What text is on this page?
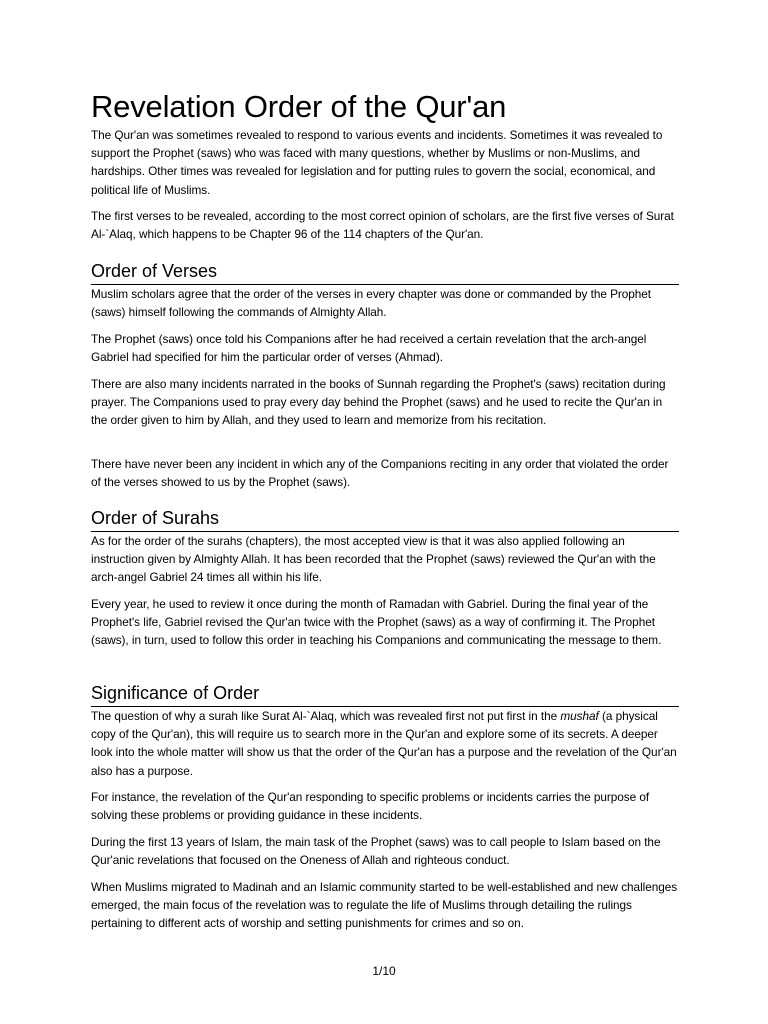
Revelation Order of the Qur'an

The Qur'an was sometimes revealed to respond to various events and incidents. Sometimes it was revealed to support the Prophet (saws) who was faced with many questions, whether by Muslims or non-Muslims, and hardships. Other times was revealed for legislation and for putting rules to govern the social, economical, and political life of Muslims.

The first verses to be revealed, according to the most correct opinion of scholars, are the first five verses of Surat Al-`Alaq, which happens to be Chapter 96 of the 114 chapters of the Qur'an.

Order of Verses

Muslim scholars agree that the order of the verses in every chapter was done or commanded by the Prophet (saws) himself following the commands of Almighty Allah.

The Prophet (saws) once told his Companions after he had received a certain revelation that the arch-angel Gabriel had specified for him the particular order of verses (Ahmad).

There are also many incidents narrated in the books of Sunnah regarding the Prophet's (saws) recitation during prayer. The Companions used to pray every day behind the Prophet (saws) and he used to recite the Qur'an in the order given to him by Allah, and they used to learn and memorize from his recitation.

There have never been any incident in which any of the Companions reciting in any order that violated the order of the verses showed to us by the Prophet (saws).

Order of Surahs

As for the order of the surahs (chapters), the most accepted view is that it was also applied following an instruction given by Almighty Allah. It has been recorded that the Prophet (saws) reviewed the Qur'an with the arch-angel Gabriel 24 times all within his life.

Every year, he used to review it once during the month of Ramadan with Gabriel. During the final year of the Prophet's life, Gabriel revised the Qur'an twice with the Prophet (saws) as a way of confirming it. The Prophet (saws), in turn, used to follow this order in teaching his Companions and communicating the message to them.

Significance of Order

The question of why a surah like Surat Al-`Alaq, which was revealed first not put first in the mushaf (a physical copy of the Qur'an), this will require us to search more in the Qur'an and explore some of its secrets. A deeper look into the whole matter will show us that the order of the Qur'an has a purpose and the revelation of the Qur'an also has a purpose.

For instance, the revelation of the Qur'an responding to specific problems or incidents carries the purpose of solving these problems or providing guidance in these incidents.

During the first 13 years of Islam, the main task of the Prophet (saws) was to call people to Islam based on the Qur'anic revelations that focused on the Oneness of Allah and righteous conduct.

When Muslims migrated to Madinah and an Islamic community started to be well-established and new challenges emerged, the main focus of the revelation was to regulate the life of Muslims through detailing the rulings pertaining to different acts of worship and setting punishments for crimes and so on.

1/10
